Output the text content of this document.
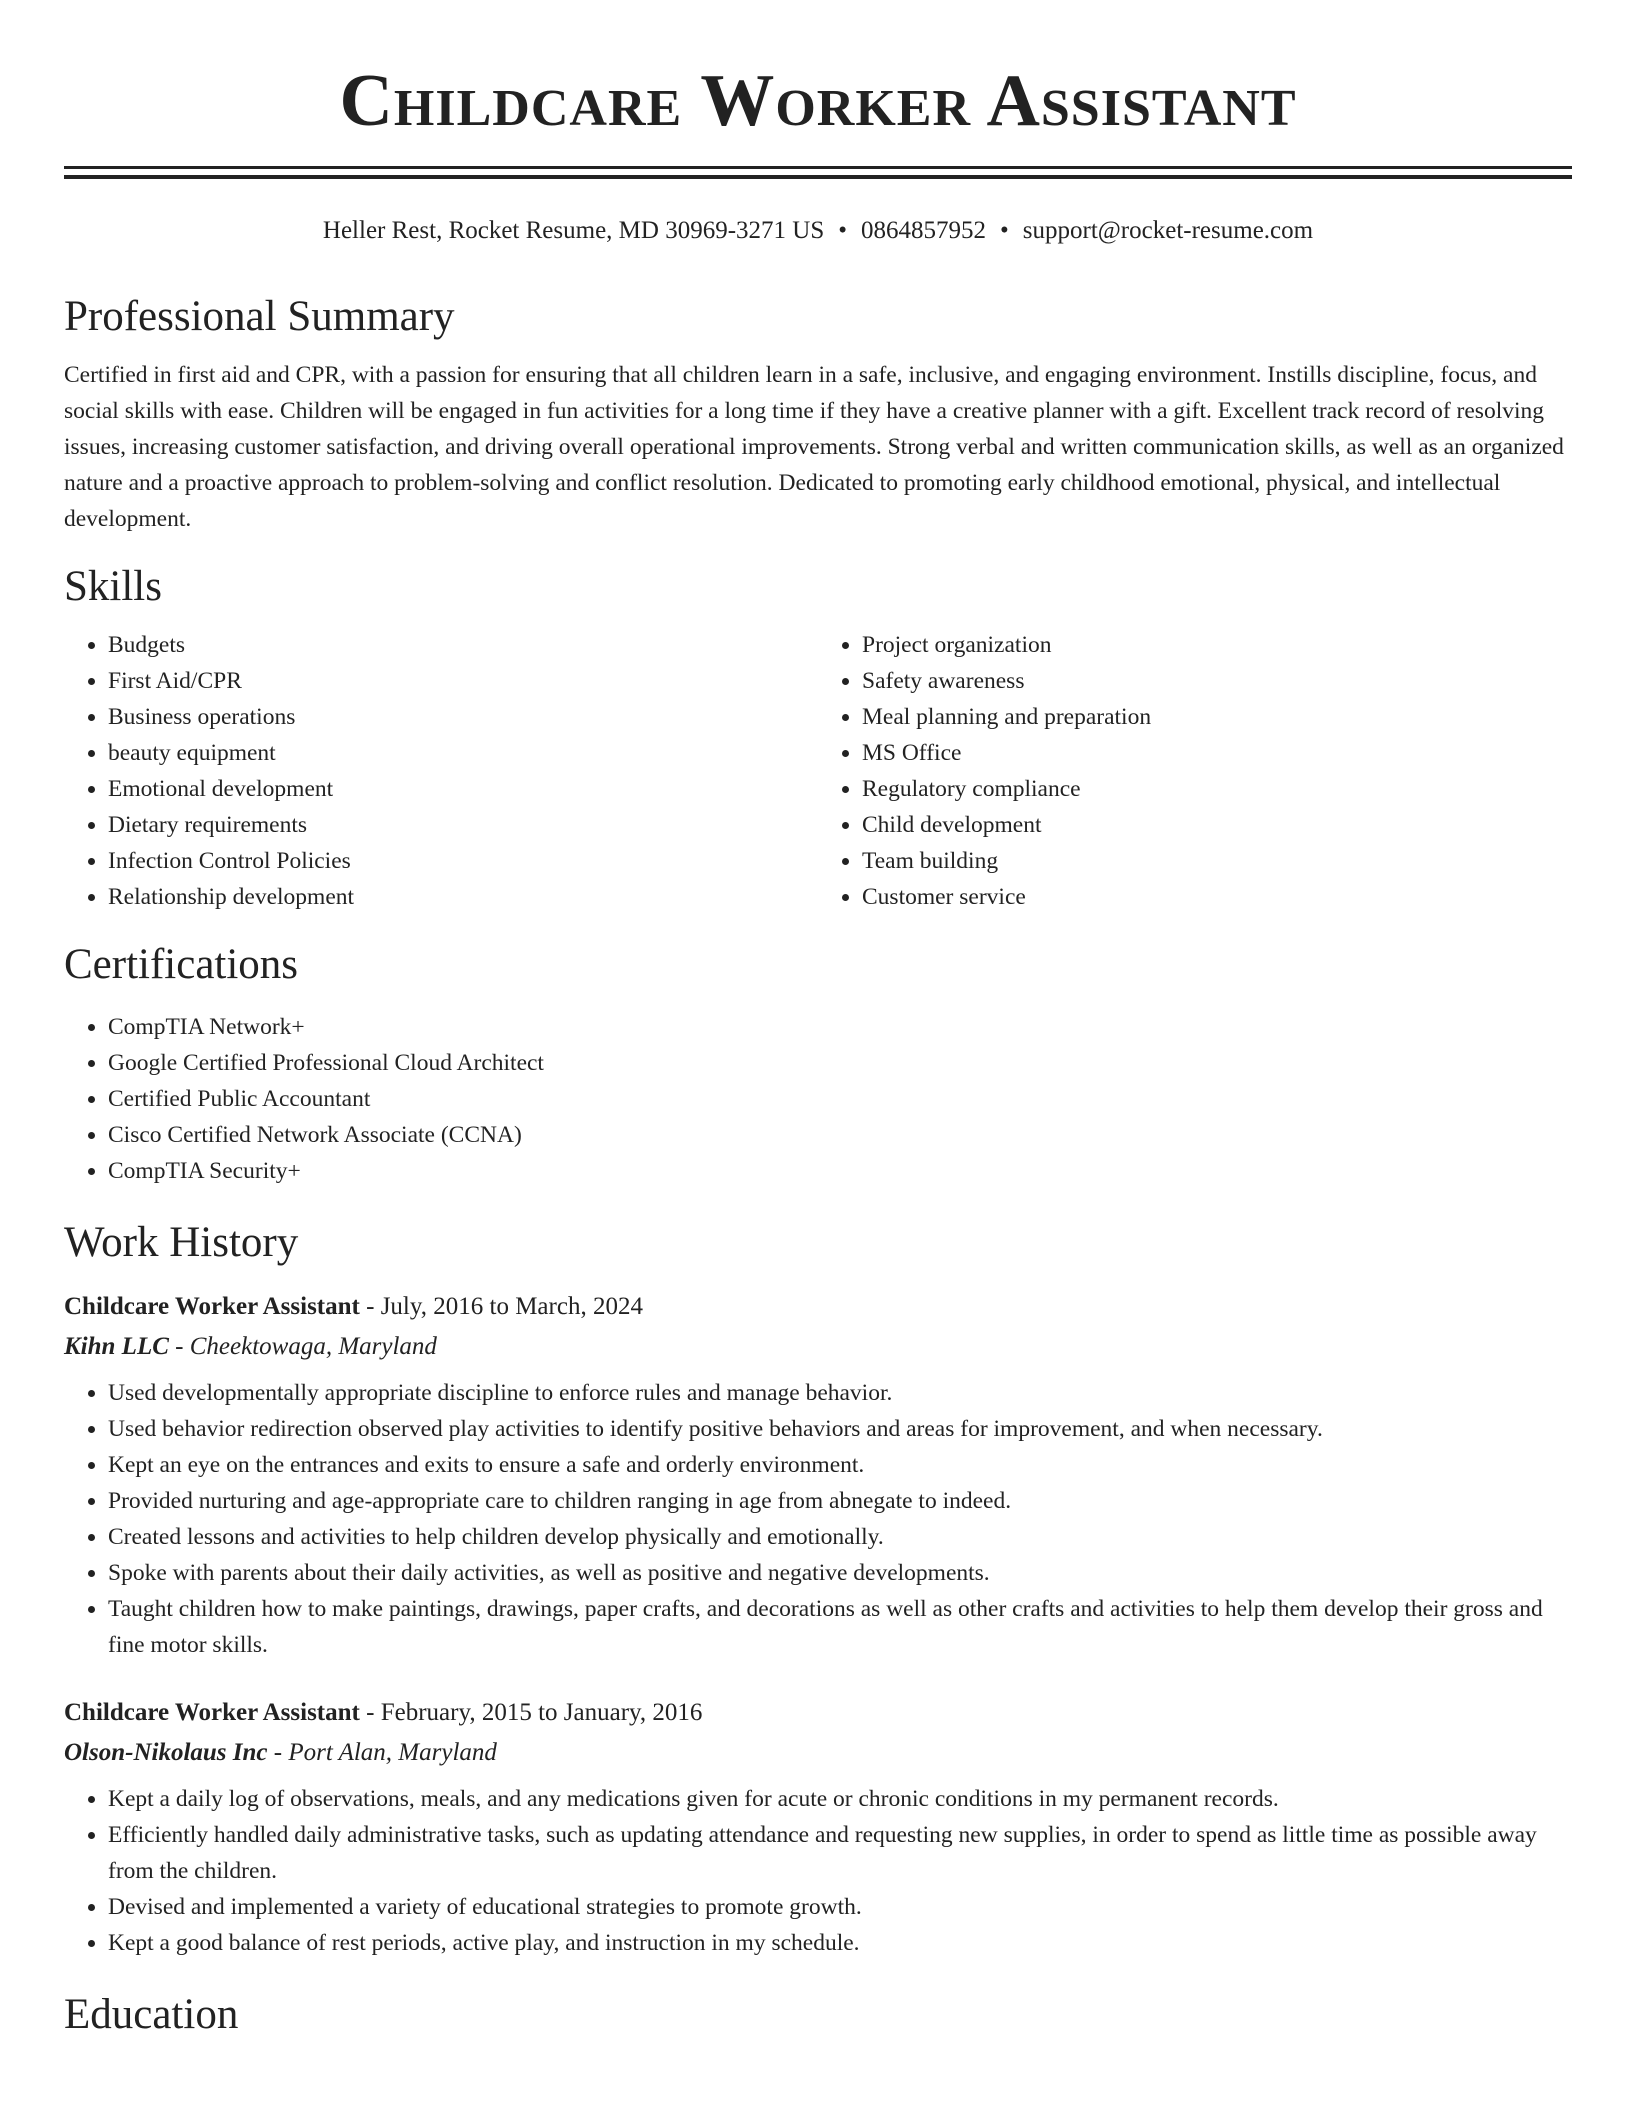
Childcare Worker Assistant
Heller Rest, Rocket Resume, MD 30969-3271 US • 0864857952 • support@rocket-resume.com
Professional Summary

Certified in first aid and CPR, with a passion for ensuring that all children learn in a safe, inclusive, and engaging environment. Instills discipline, focus, and social skills with ease. Children will be engaged in fun activities for a long time if they have a creative planner with a gift. Excellent track record of resolving issues, increasing customer satisfaction, and driving overall operational improvements. Strong verbal and written communication skills, as well as an organized nature and a proactive approach to problem-solving and conflict resolution. Dedicated to promoting early childhood emotional, physical, and intellectual development.

Skills
• Budgets
• First Aid/CPR
• Business operations
• beauty equipment
• Emotional development
• Dietary requirements
• Infection Control Policies
• Relationship development
• Project organization
• Safety awareness
• Meal planning and preparation
• MS Office
• Regulatory compliance
• Child development
• Team building
• Customer service
Certifications
• CompTIA Network+
• Google Certified Professional Cloud Architect
• Certified Public Accountant
• Cisco Certified Network Associate (CCNA)
• CompTIA Security+
Work History
Childcare Worker Assistant - July, 2016 to March, 2024
Kihn LLC - Cheektowaga, Maryland
• Used developmentally appropriate discipline to enforce rules and manage behavior.
• Used behavior redirection observed play activities to identify positive behaviors and areas for improvement, and when necessary.
• Kept an eye on the entrances and exits to ensure a safe and orderly environment.
• Provided nurturing and age-appropriate care to children ranging in age from abnegate to indeed.
• Created lessons and activities to help children develop physically and emotionally.
• Spoke with parents about their daily activities, as well as positive and negative developments.
• Taught children how to make paintings, drawings, paper crafts, and decorations as well as other crafts and activities to help them develop their gross and fine motor skills.
Childcare Worker Assistant - February, 2015 to January, 2016
Olson-Nikolaus Inc - Port Alan, Maryland
• Kept a daily log of observations, meals, and any medications given for acute or chronic conditions in my permanent records.
• Efficiently handled daily administrative tasks, such as updating attendance and requesting new supplies, in order to spend as little time as possible away from the children.
• Devised and implemented a variety of educational strategies to promote growth.
• Kept a good balance of rest periods, active play, and instruction in my schedule.
Education
